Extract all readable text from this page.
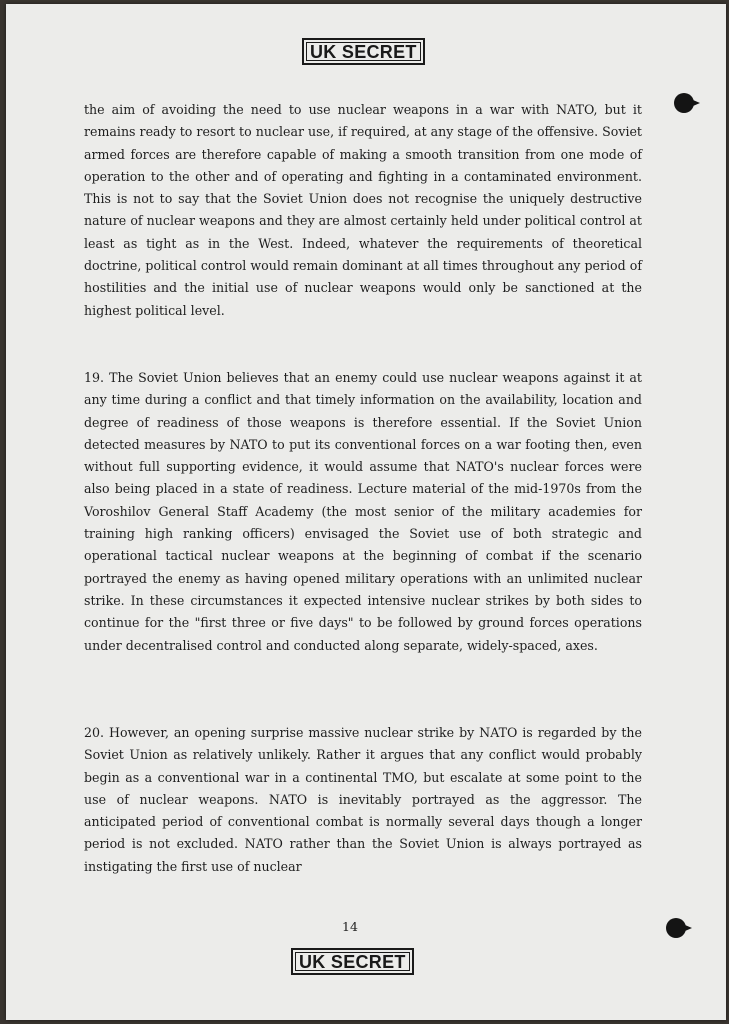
UK SECRET

the aim of avoiding the need to use nuclear weapons in a war with NATO, but it remains ready to resort to nuclear use, if required, at any stage of the offensive. Soviet armed forces are therefore capable of making a smooth transition from one mode of operation to the other and of operating and fighting in a contaminated environment. This is not to say that the Soviet Union does not recognise the uniquely destructive nature of nuclear weapons and they are almost certainly held under political control at least as tight as in the West. Indeed, whatever the requirements of theoretical doctrine, political control would remain dominant at all times throughout any period of hostilities and the initial use of nuclear weapons would only be sanctioned at the highest political level.

19. The Soviet Union believes that an enemy could use nuclear weapons against it at any time during a conflict and that timely information on the availability, location and degree of readiness of those weapons is therefore essential. If the Soviet Union detected measures by NATO to put its conventional forces on a war footing then, even without full supporting evidence, it would assume that NATO's nuclear forces were also being placed in a state of readiness. Lecture material of the mid-1970s from the Voroshilov General Staff Academy (the most senior of the military academies for training high ranking officers) envisaged the Soviet use of both strategic and operational tactical nuclear weapons at the beginning of combat if the scenario portrayed the enemy as having opened military operations with an unlimited nuclear strike. In these circumstances it expected intensive nuclear strikes by both sides to continue for the "first three or five days" to be followed by ground forces operations under decentralised control and conducted along separate, widely-spaced, axes.

20. However, an opening surprise massive nuclear strike by NATO is regarded by the Soviet Union as relatively unlikely. Rather it argues that any conflict would probably begin as a conventional war in a continental TMO, but escalate at some point to the use of nuclear weapons. NATO is inevitably portrayed as the aggressor. The anticipated period of conventional combat is normally several days though a longer period is not excluded. NATO rather than the Soviet Union is always portrayed as instigating the first use of nuclear

14
UK SECRET
